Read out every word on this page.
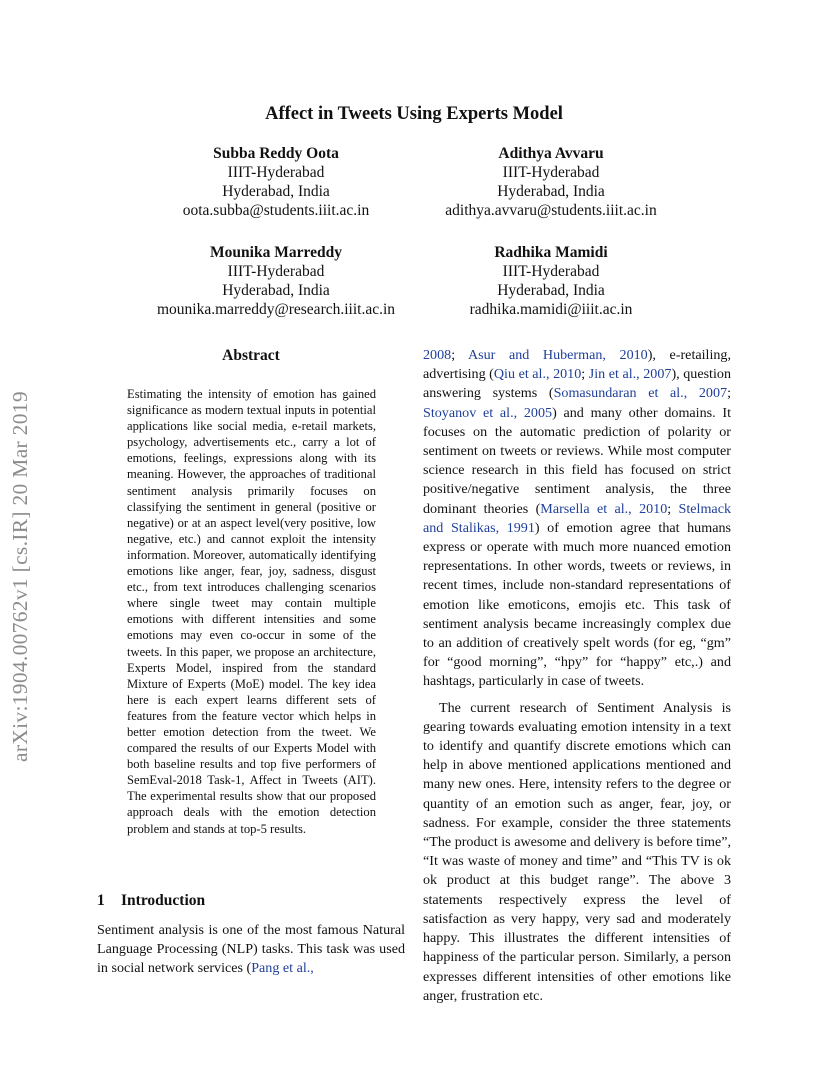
arXiv:1904.00762v1 [cs.IR] 20 Mar 2019
Affect in Tweets Using Experts Model
Subba Reddy Oota
IIIT-Hyderabad
Hyderabad, India
oota.subba@students.iiit.ac.in
Adithya Avvaru
IIIT-Hyderabad
Hyderabad, India
adithya.avvaru@students.iiit.ac.in
Mounika Marreddy
IIIT-Hyderabad
Hyderabad, India
mounika.marreddy@research.iiit.ac.in
Radhika Mamidi
IIIT-Hyderabad
Hyderabad, India
radhika.mamidi@iiit.ac.in
Abstract
Estimating the intensity of emotion has gained significance as modern textual inputs in potential applications like social media, e-retail markets, psychology, advertisements etc., carry a lot of emotions, feelings, expressions along with its meaning. However, the approaches of traditional sentiment analysis primarily focuses on classifying the sentiment in general (positive or negative) or at an aspect level(very positive, low negative, etc.) and cannot exploit the intensity information. Moreover, automatically identifying emotions like anger, fear, joy, sadness, disgust etc., from text introduces challenging scenarios where single tweet may contain multiple emotions with different intensities and some emotions may even co-occur in some of the tweets. In this paper, we propose an architecture, Experts Model, inspired from the standard Mixture of Experts (MoE) model. The key idea here is each expert learns different sets of features from the feature vector which helps in better emotion detection from the tweet. We compared the results of our Experts Model with both baseline results and top five performers of SemEval-2018 Task-1, Affect in Tweets (AIT). The experimental results show that our proposed approach deals with the emotion detection problem and stands at top-5 results.
1 Introduction
Sentiment analysis is one of the most famous Natural Language Processing (NLP) tasks. This task was used in social network services (Pang et al.,

2008; Asur and Huberman, 2010), e-retailing, advertising (Qiu et al., 2010; Jin et al., 2007), question answering systems (Somasundaran et al., 2007; Stoyanov et al., 2005) and many other domains. It focuses on the automatic prediction of polarity or sentiment on tweets or reviews. While most computer science research in this field has focused on strict positive/negative sentiment analysis, the three dominant theories (Marsella et al., 2010; Stelmack and Stalikas, 1991) of emotion agree that humans express or operate with much more nuanced emotion representations. In other words, tweets or reviews, in recent times, include non-standard representations of emotion like emoticons, emojis etc. This task of sentiment analysis became increasingly complex due to an addition of creatively spelt words (for eg, “gm” for “good morning”, “hpy” for “happy” etc,.) and hashtags, particularly in case of tweets.

The current research of Sentiment Analysis is gearing towards evaluating emotion intensity in a text to identify and quantify discrete emotions which can help in above mentioned applications mentioned and many new ones. Here, intensity refers to the degree or quantity of an emotion such as anger, fear, joy, or sadness. For example, consider the three statements “The product is awesome and delivery is before time”, “It was waste of money and time” and “This TV is ok ok product at this budget range”. The above 3 statements respectively express the level of satisfaction as very happy, very sad and moderately happy. This illustrates the different intensities of happiness of the particular person. Similarly, a person expresses different intensities of other emotions like anger, frustration etc.
